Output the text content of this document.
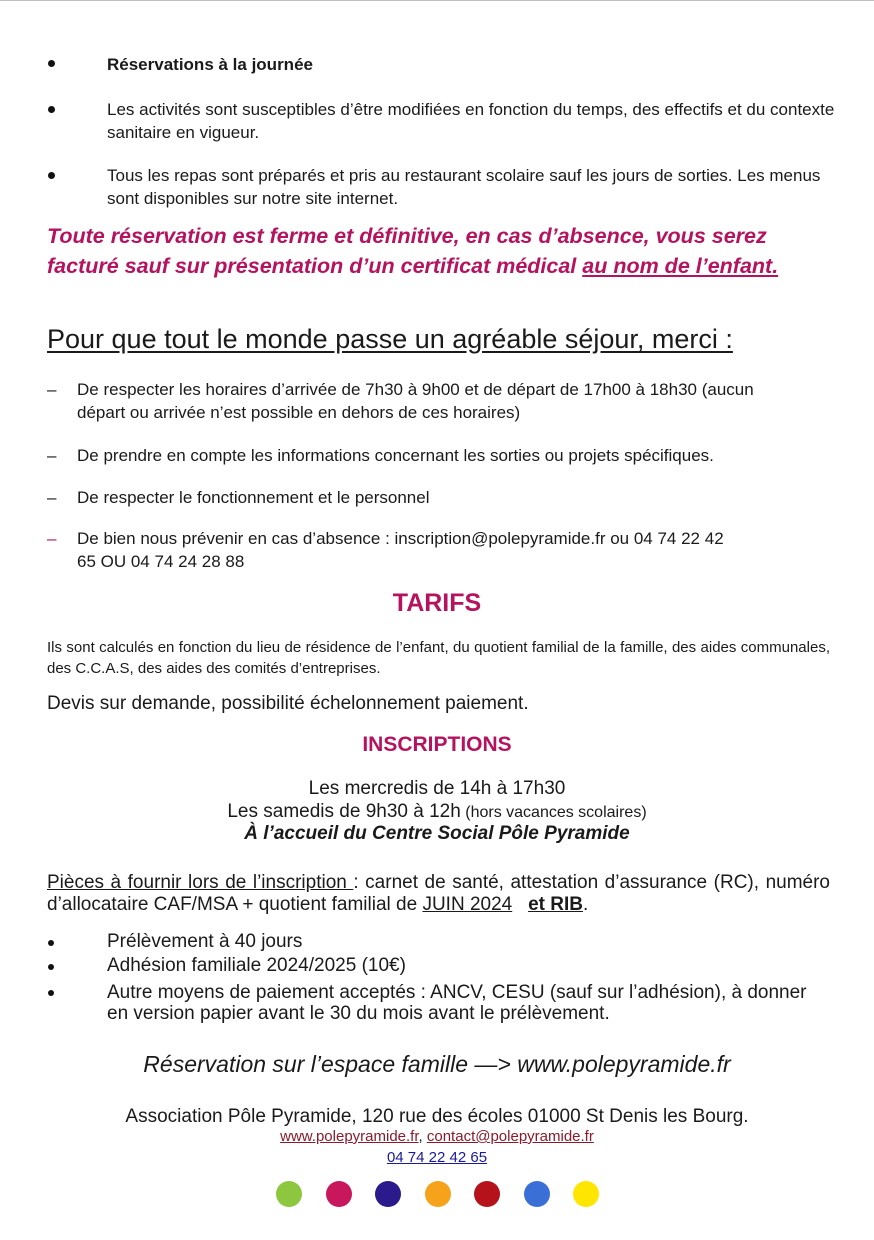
Réservations à la journée
Les activités sont susceptibles d’être modifiées en fonction du temps, des effectifs et du contexte sanitaire en vigueur.
Tous les repas sont préparés et pris au restaurant scolaire sauf les jours de sorties. Les menus sont disponibles sur notre site internet.
Toute réservation est ferme et définitive, en cas d’absence, vous serez facturé sauf sur présentation d’un certificat médical au nom de l’enfant.
Pour que tout le monde passe un agréable séjour, merci :
– De respecter les horaires d’arrivée de 7h30 à 9h00 et de départ de 17h00 à 18h30 (aucun départ ou arrivée n’est possible en dehors de ces horaires)
– De prendre en compte les informations concernant les sorties ou projets spécifiques.
– De respecter le fonctionnement et le personnel
– De bien nous prévenir en cas d’absence : inscription@polepyramide.fr ou 04 74 22 42 65 OU 04 74 24 28 88
TARIFS
Ils sont calculés en fonction du lieu de résidence de l’enfant, du quotient familial de la famille, des aides communales, des C.C.A.S, des aides des comités d’entreprises.
Devis sur demande, possibilité échelonnement paiement.
INSCRIPTIONS
Les mercredis de 14h à 17h30
Les samedis de 9h30 à 12h (hors vacances scolaires)
À l’accueil du Centre Social Pôle Pyramide
Pièces à fournir lors de l’inscription : carnet de santé, attestation d’assurance (RC), numéro d’allocataire CAF/MSA + quotient familial de JUIN 2024 et RIB.
Prélèvement à 40 jours
Adhésion familiale 2024/2025 (10€)
Autre moyens de paiement acceptés : ANCV, CESU (sauf sur l’adhésion), à donner en version papier avant le 30 du mois avant le prélèvement.
Réservation sur l’espace famille —> www.polepyramide.fr
Association Pôle Pyramide, 120 rue des écoles 01000 St Denis les Bourg.
www.polepyramide.fr, contact@polepyramide.fr
04 74 22 42 65
